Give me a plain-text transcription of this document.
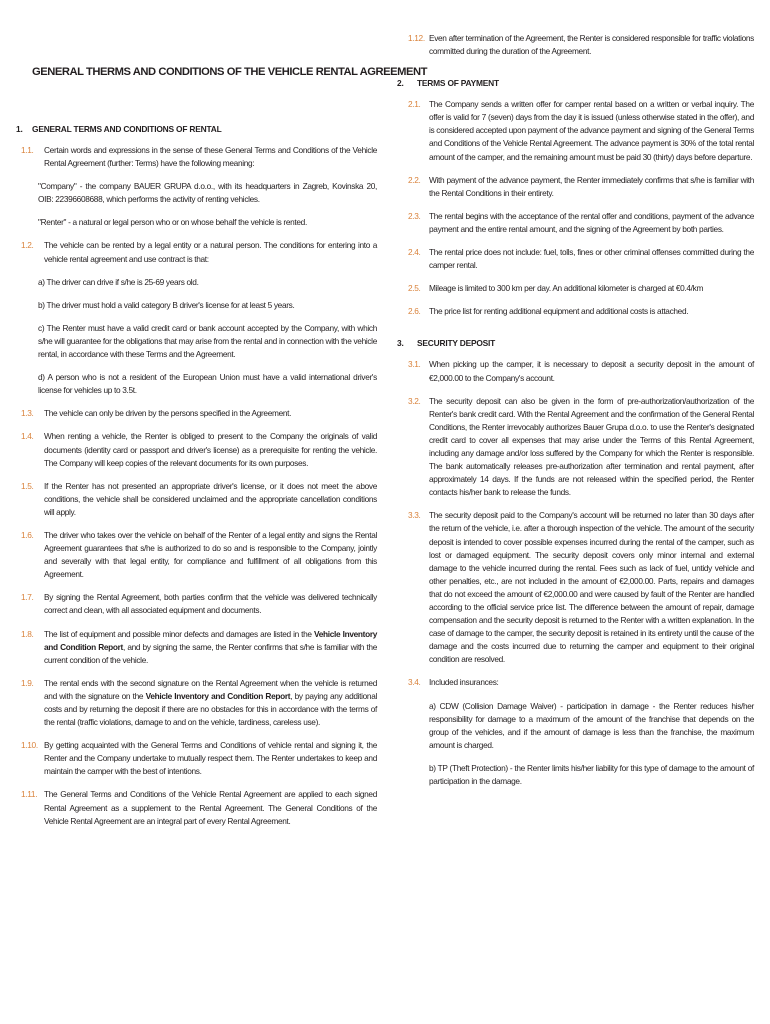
GENERAL THERMS AND CONDITIONS OF THE VEHICLE RENTAL AGREEMENT
1.	GENERAL TERMS AND CONDITIONS OF RENTAL
1.1.	Certain words and expressions in the sense of these General Terms and Conditions of the Vehicle Rental Agreement (further: Terms) have the following meaning:
"Company" - the company BAUER GRUPA d.o.o., with its headquarters in Zagreb, Kovinska 20, OIB: 22396608688, which performs the activity of renting vehicles.
"Renter" - a natural or legal person who or on whose behalf the vehicle is rented.
1.2.	The vehicle can be rented by a legal entity or a natural person. The conditions for entering into a vehicle rental agreement and use contract is that:
a) The driver can drive if s/he is 25-69 years old.
b) The driver must hold a valid category B driver's license for at least 5 years.
c) The Renter must have a valid credit card or bank account accepted by the Company, with which s/he will guarantee for the obligations that may arise from the rental and in connection with the vehicle rental, in accordance with these Terms and the Agreement.
d) A person who is not a resident of the European Union must have a valid international driver's license for vehicles up to 3.5t.
1.3.	The vehicle can only be driven by the persons specified in the Agreement.
1.4.	When renting a vehicle, the Renter is obliged to present to the Company the originals of valid documents (identity card or passport and driver's license) as a prerequisite for renting the vehicle. The Company will keep copies of the relevant documents for its own purposes.
1.5.	If the Renter has not presented an appropriate driver's license, or it does not meet the above conditions, the vehicle shall be considered unclaimed and the appropriate cancellation conditions will apply.
1.6.	The driver who takes over the vehicle on behalf of the Renter of a legal entity and signs the Rental Agreement guarantees that s/he is authorized to do so and is responsible to the Company, jointly and severally with that legal entity, for compliance and fulfillment of all obligations from this Agreement.
1.7.	By signing the Rental Agreement, both parties confirm that the vehicle was delivered technically correct and clean, with all associated equipment and documents.
1.8.	The list of equipment and possible minor defects and damages are listed in the Vehicle Inventory and Condition Report, and by signing the same, the Renter confirms that s/he is familiar with the current condition of the vehicle.
1.9.	The rental ends with the second signature on the Rental Agreement when the vehicle is returned and with the signature on the Vehicle Inventory and Condition Report, by paying any additional costs and by returning the deposit if there are no obstacles for this in accordance with the terms of the rental (traffic violations, damage to and on the vehicle, tardiness, careless use).
1.10. By getting acquainted with the General Terms and Conditions of vehicle rental and signing it, the Renter and the Company undertake to mutually respect them. The Renter undertakes to keep and maintain the camper with the best of intentions.
1.11. The General Terms and Conditions of the Vehicle Rental Agreement are applied to each signed Rental Agreement as a supplement to the Rental Agreement. The General Conditions of the Vehicle Rental Agreement are an integral part of every Rental Agreement.
1.12. Even after termination of the Agreement, the Renter is considered responsible for traffic violations committed during the duration of the Agreement.
2.	TERMS OF PAYMENT
2.1.	The Company sends a written offer for camper rental based on a written or verbal inquiry. The offer is valid for 7 (seven) days from the day it is issued (unless otherwise stated in the offer), and is considered accepted upon payment of the advance payment and signing of the General Terms and Conditions of the Vehicle Rental Agreement. The advance payment is 30% of the total rental amount of the camper, and the remaining amount must be paid 30 (thirty) days before departure.
2.2.	With payment of the advance payment, the Renter immediately confirms that s/he is familiar with the Rental Conditions in their entirety.
2.3.	The rental begins with the acceptance of the rental offer and conditions, payment of the advance payment and the entire rental amount, and the signing of the Agreement by both parties.
2.4.	The rental price does not include: fuel, tolls, fines or other criminal offenses committed during the camper rental.
2.5.	Mileage is limited to 300 km per day. An additional kilometer is charged at €0.4/km
2.6.	The price list for renting additional equipment and additional costs is attached.
3.	SECURITY DEPOSIT
3.1.	When picking up the camper, it is necessary to deposit a security deposit in the amount of €2,000.00 to the Company's account.
3.2.	The security deposit can also be given in the form of pre-authorization/authorization of the Renter's bank credit card. With the Rental Agreement and the confirmation of the General Rental Conditions, the Renter irrevocably authorizes Bauer Grupa d.o.o. to use the Renter's designated credit card to cover all expenses that may arise under the Terms of this Rental Agreement, including any damage and/or loss suffered by the Company for which the Renter is responsible. The bank automatically releases pre-authorization after termination and rental payment, after approximately 14 days. If the funds are not released within the specified period, the Renter contacts his/her bank to release the funds.
3.3.	The security deposit paid to the Company's account will be returned no later than 30 days after the return of the vehicle, i.e. after a thorough inspection of the vehicle. The amount of the security deposit is intended to cover possible expenses incurred during the rental of the camper, such as lost or damaged equipment. The security deposit covers only minor internal and external damage to the vehicle incurred during the rental. Fees such as lack of fuel, untidy vehicle and other penalties, etc., are not included in the amount of €2,000.00. Parts, repairs and damages that do not exceed the amount of €2,000.00 and were caused by fault of the Renter are handled according to the official service price list. The difference between the amount of repair, damage compensation and the security deposit is returned to the Renter with a written explanation. In the case of damage to the camper, the security deposit is retained in its entirety until the cause of the damage and the costs incurred due to returning the camper and equipment to their original condition are resolved.
3.4.	Included insurances:
a) CDW (Collision Damage Waiver) - participation in damage - the Renter reduces his/her responsibility for damage to a maximum of the amount of the franchise that depends on the group of the vehicles, and if the amount of damage is less than the franchise, the maximum amount is charged.
b) TP (Theft Protection) - the Renter limits his/her liability for this type of damage to the amount of participation in the damage.
